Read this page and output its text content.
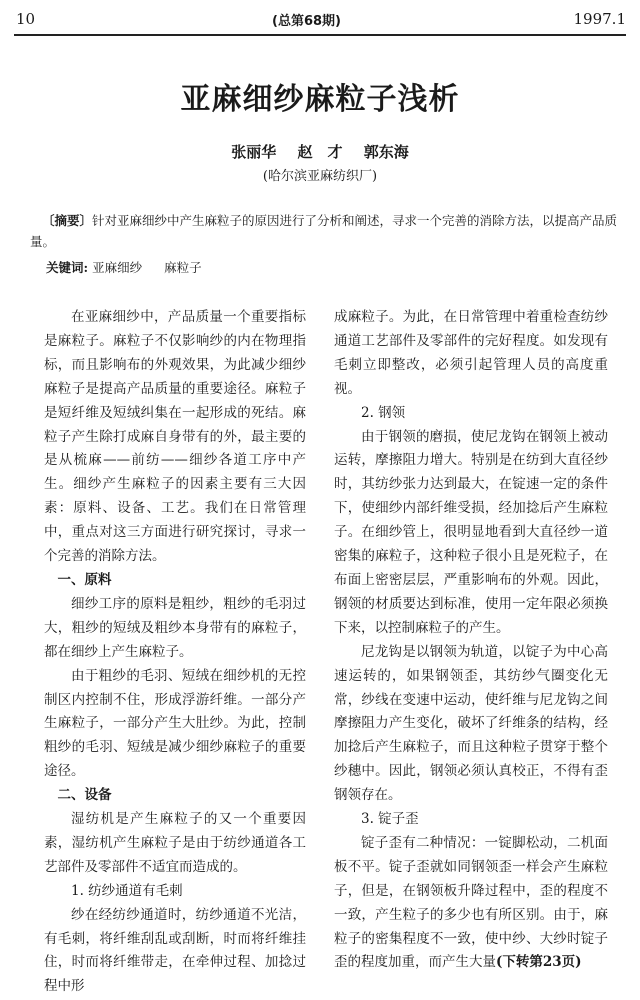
10	(总第68期)	1997.1
亚麻细纱麻粒子浅析
张丽华 赵　才 郭东海
(哈尔滨亚麻纺织厂)
〔摘要〕针对亚麻细纱中产生麻粒子的原因进行了分析和阐述，寻求一个完善的消除方法，以提高产品质量。
关键词: 亚麻细纱 麻粒子

在亚麻细纱中，产品质量一个重要指标是麻粒子。麻粒子不仅影响纱的内在物理指标，而且影响布的外观效果，为此减少细纱麻粒子是提高产品质量的重要途径。麻粒子是短纤维及短绒纠集在一起形成的死结。麻粒子产生除打成麻自身带有的外，最主要的是从梳麻——前纺——细纱各道工序中产生。细纱产生麻粒子的因素主要有三大因素：原料、设备、工艺。我们在日常管理中，重点对这三方面进行研究探讨，寻求一个完善的消除方法。

一、原料

细纱工序的原料是粗纱，粗纱的毛羽过大，粗纱的短绒及粗纱本身带有的麻粒子，都在细纱上产生麻粒子。

由于粗纱的毛羽、短绒在细纱机的无控制区内控制不住，形成浮游纤维。一部分产生麻粒子，一部分产生大肚纱。为此，控制粗纱的毛羽、短绒是减少细纱麻粒子的重要途径。

二、设备

湿纺机是产生麻粒子的又一个重要因素，湿纺机产生麻粒子是由于纺纱通道各工艺部件及零部件不适宜而造成的。

1. 纺纱通道有毛刺

纱在经纺纱通道时，纺纱通道不光洁，有毛刺，将纤维刮乱或刮断，时而将纤维挂住，时而将纤维带走，在牵伸过程、加捻过程中形

成麻粒子。为此，在日常管理中着重检查纺纱通道工艺部件及零部件的完好程度。如发现有毛刺立即整改，必须引起管理人员的高度重视。

2. 钢领

由于钢领的磨损，使尼龙钩在钢领上被动运转，摩擦阻力增大。特别是在纺到大直径纱时，其纺纱张力达到最大，在锭速一定的条件下，使细纱内部纤维受损，经加捻后产生麻粒子。在细纱管上，很明显地看到大直径纱一道密集的麻粒子，这种粒子很小且是死粒子，在布面上密密层层，严重影响布的外观。因此，钢领的材质要达到标准，使用一定年限必须换下来，以控制麻粒子的产生。

尼龙钩是以钢领为轨道，以锭子为中心高速运转的，如果钢领歪，其纺纱气圈变化无常，纱线在变速中运动，使纤维与尼龙钩之间摩擦阻力产生变化，破坏了纤维条的结构，经加捻后产生麻粒子，而且这种粒子贯穿于整个纱穗中。因此，钢领必须认真校正，不得有歪钢领存在。

3. 锭子歪

锭子歪有二种情况：一锭脚松动，二机面板不平。锭子歪就如同钢领歪一样会产生麻粒子，但是，在钢领板升降过程中，歪的程度不一致，产生粒子的多少也有所区别。由于，麻粒子的密集程度不一致，使中纱、大纱时锭子歪的程度加重，而产生大量(下转第23页)
